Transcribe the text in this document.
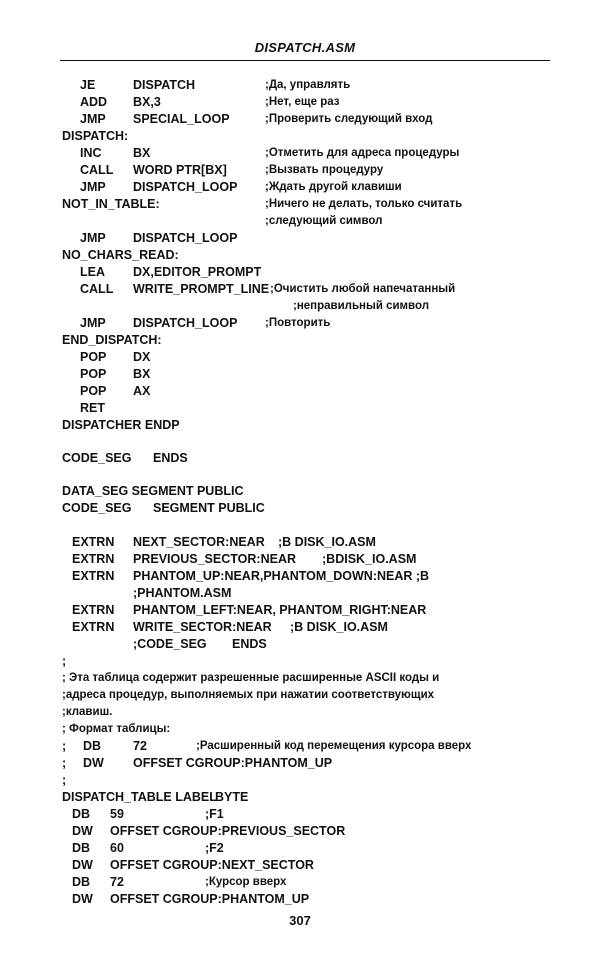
DISPATCH.ASM
JE	DISPATCH	;Да, управлять
ADD BX,3	;Нет, еще раз
JMP SPECIAL_LOOP	;Проверить следующий вход
DISPATCH:
INC	BX	;Отметить для адреса процедуры
CALL WORD PTR[BX]	;Вызвать процедуру
JMP DISPATCH_LOOP ;Ждать другой клавиши
NOT_IN_TABLE:	;Ничего не делать, только считать
;следующий символ
JMP DISPATCH_LOOP
NO_CHARS_READ:
LEA DX,EDITOR_PROMPT
CALL WRITE_PROMPT_LINE ;Очистить любой напечатанный
;неправильный символ
JMP DISPATCH_LOOP ;Повторить
END_DISPATCH:
POP DX
POP BX
POP AX
RET
DISPATCHER ENDP
CODE_SEG ENDS
DATA_SEG SEGMENT PUBLIC
CODE_SEG SEGMENT PUBLIC
EXTRN NEXT_SECTOR:NEAR ;B DISK_IO.ASM
EXTRN PREVIOUS_SECTOR:NEAR ;BDISK_IO.ASM
EXTRN PHANTOM_UP:NEAR,PHANTOM_DOWN:NEAR ;B
;PHANTOM.ASM
EXTRN PHANTOM_LEFT:NEAR, PHANTOM_RIGHT:NEAR
EXTRN WRITE_SECTOR:NEAR ;B DISK_IO.ASM
;CODE_SEG ENDS
;
; Эта таблица содержит разрешенные расширенные ASCII коды и
;адреса процедур, выполняемых при нажатии соответствующих
;клавиш.
; Формат таблицы:
; DB	72	;Расширенный код перемещения курсора вверх
; DW OFFSET CGROUP:PHANTOM_UP
;
DISPATCH_TABLE LABEL
BYTE
DB 59	;F1
DW OFFSET CGROUP:PREVIOUS_SECTOR
DB 60	;F2
DW OFFSET CGROUP:NEXT_SECTOR
DB 72	;Курсор вверх
DW OFFSET CGROUP:PHANTOM_UP
307
